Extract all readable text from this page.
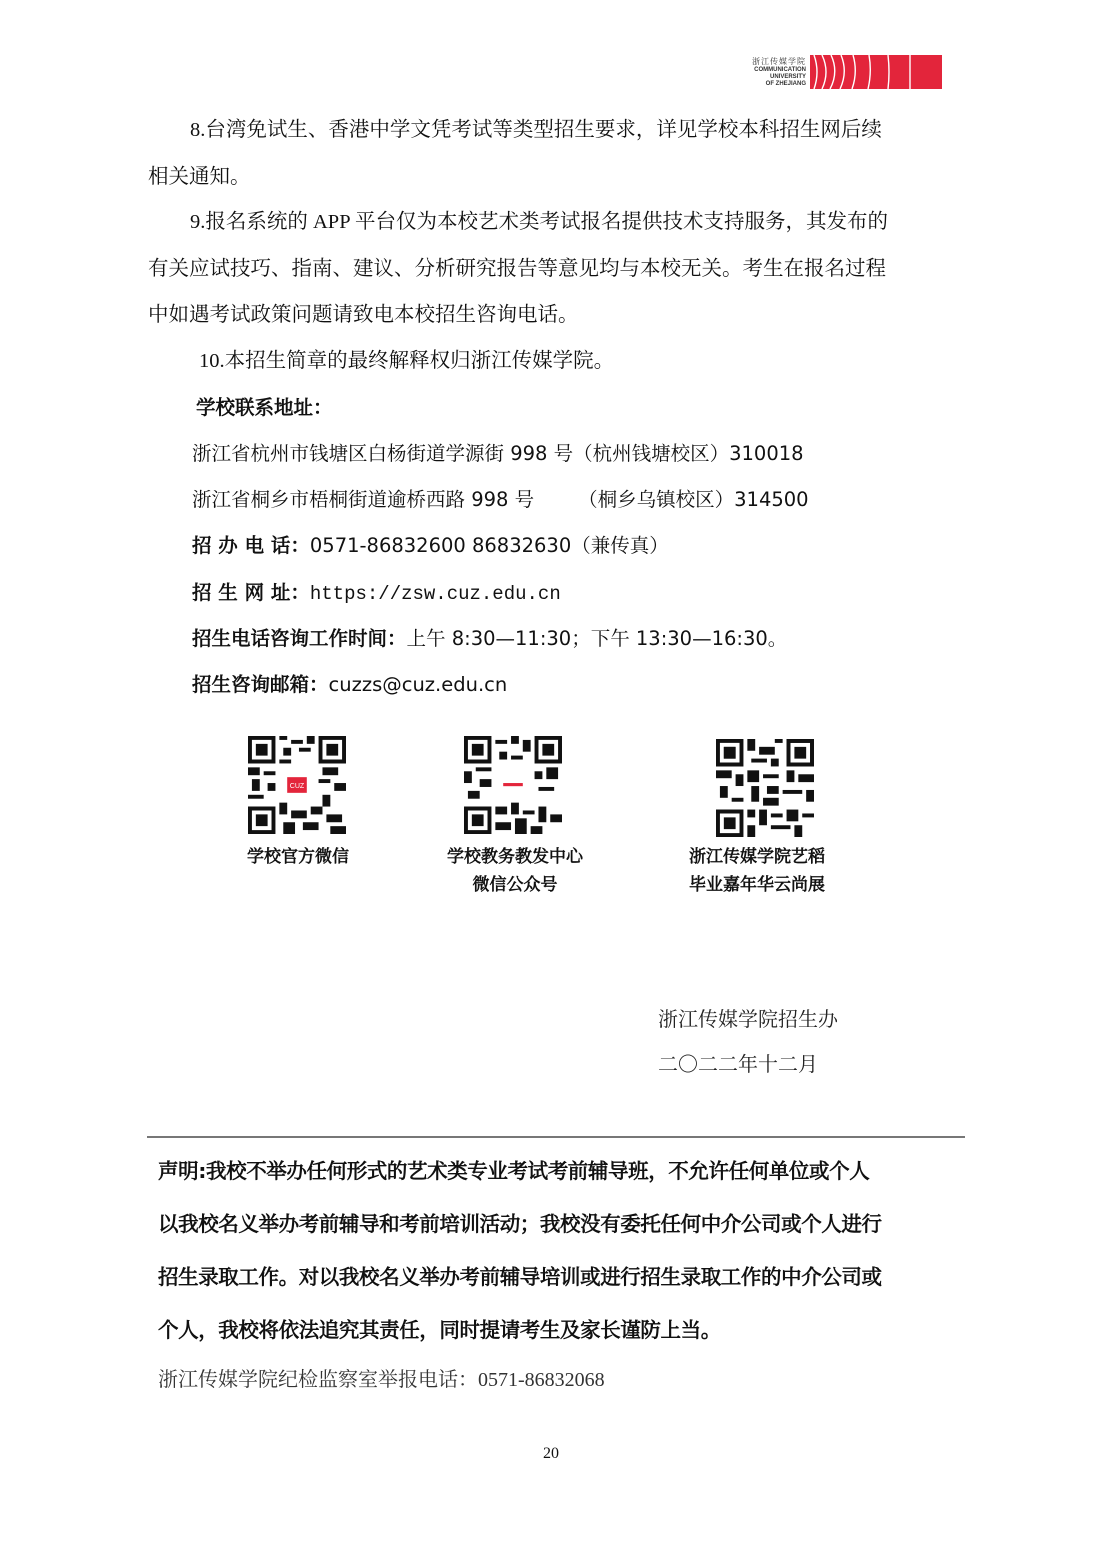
浙江传媒学院
COMMUNICATION
UNIVERSITY
OF ZHEJIANG
8.台湾免试生、香港中学文凭考试等类型招生要求，详见学校本科招生网后续
相关通知。
9.报名系统的 APP 平台仅为本校艺术类考试报名提供技术支持服务，其发布的
有关应试技巧、指南、建议、分析研究报告等意见均与本校无关。考生在报名过程
中如遇考试政策问题请致电本校招生咨询电话。
10.本招生简章的最终解释权归浙江传媒学院。
学校联系地址：
浙江省杭州市钱塘区白杨街道学源街 998 号（杭州钱塘校区）310018
浙江省桐乡市梧桐街道逾桥西路 998 号 （桐乡乌镇校区）314500
招 办 电 话：0571-86832600 86832630（兼传真）
招 生 网 址：https://zsw.cuz.edu.cn
招生电话咨询工作时间：上午 8:30—11:30；下午 13:30—16:30。
招生咨询邮箱：cuzzs@cuz.edu.cn
CUZ
学校官方微信	学校教务教发中心
微信公众号
浙江传媒学院艺稻
毕业嘉年华云尚展
浙江传媒学院招生办
二〇二二年十二月
声明:我校不举办任何形式的艺术类专业考试考前辅导班，不允许任何单位或个人
以我校名义举办考前辅导和考前培训活动；我校没有委托任何中介公司或个人进行
招生录取工作。对以我校名义举办考前辅导培训或进行招生录取工作的中介公司或
个人，我校将依法追究其责任，同时提请考生及家长谨防上当。
浙江传媒学院纪检监察室举报电话：0571-86832068
20
